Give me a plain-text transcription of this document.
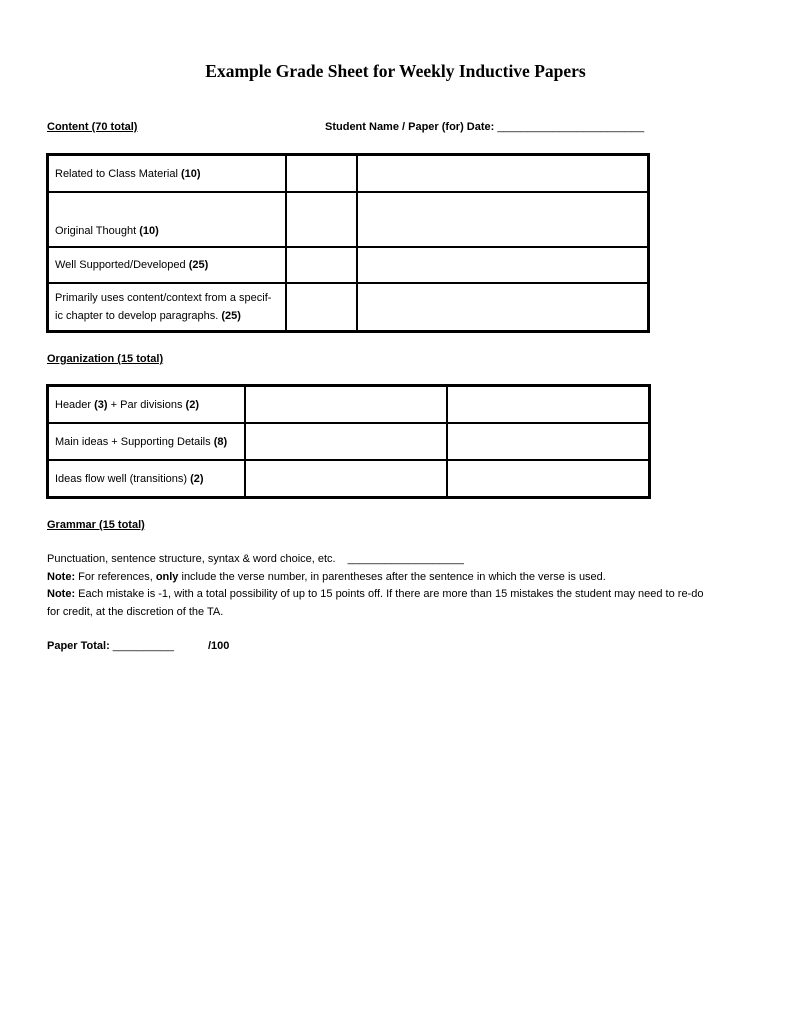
Example Grade Sheet for Weekly Inductive Papers
Content (70 total)	Student Name / Paper (for) Date: ________________________
Related to Class Material (10)		
Original Thought (10)		
Well Supported/Developed (25)		
Primarily uses content/context from a specif-
ic chapter to develop paragraphs. (25)		
Organization (15 total)
Header (3) + Par divisions (2)		
Main ideas + Supporting Details (8)		
Ideas flow well (transitions) (2)		
Grammar (15 total)
Punctuation, sentence structure, syntax & word choice, etc. ___________________
Note: For references, only include the verse number, in parentheses after the sentence in which the verse is used.
Note: Each mistake is -1, with a total possibility of up to 15 points off. If there are more than 15 mistakes the student may need to re-do
for credit, at the discretion of the TA.
Paper Total: __________	/100
